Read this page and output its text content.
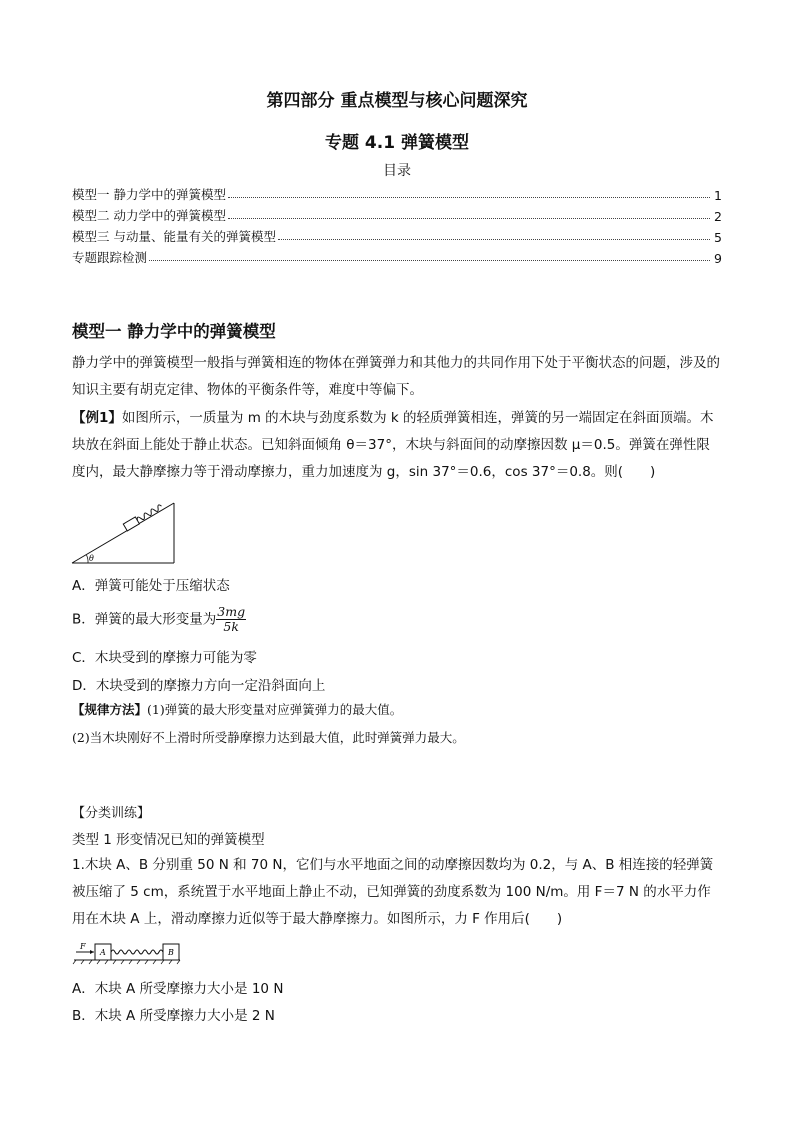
第四部分 重点模型与核心问题深究
专题 4.1 弹簧模型
目录
模型一 静力学中的弹簧模型	1
模型二 动力学中的弹簧模型	2
模型三 与动量、能量有关的弹簧模型	5
专题跟踪检测	9
模型一 静力学中的弹簧模型
静力学中的弹簧模型一般指与弹簧相连的物体在弹簧弹力和其他力的共同作用下处于平衡状态的问题，涉及的知识主要有胡克定律、物体的平衡条件等，难度中等偏下。
【例1】如图所示，一质量为 m 的木块与劲度系数为 k 的轻质弹簧相连，弹簧的另一端固定在斜面顶端。木块放在斜面上能处于静止状态。已知斜面倾角 θ＝37°，木块与斜面间的动摩擦因数 μ＝0.5。弹簧在弹性限度内，最大静摩擦力等于滑动摩擦力，重力加速度为 g，sin 37°＝0.6，cos 37°＝0.8。则(　　)
θ
A．弹簧可能处于压缩状态
B．弹簧的最大形变量为 $\frac{3mg}{5k}$
C．木块受到的摩擦力可能为零
D．木块受到的摩擦力方向一定沿斜面向上
【规律方法】(1)弹簧的最大形变量对应弹簧弹力的最大值。
(2)当木块刚好不上滑时所受静摩擦力达到最大值，此时弹簧弹力最大。
【分类训练】
类型 1 形变情况已知的弹簧模型
1.木块 A、B 分别重 50 N 和 70 N，它们与水平地面之间的动摩擦因数均为 0.2，与 A、B 相连接的轻弹簧被压缩了 5 cm，系统置于水平地面上静止不动，已知弹簧的劲度系数为 100 N/m。用 F＝7 N 的水平力作用在木块 A 上，滑动摩擦力近似等于最大静摩擦力。如图所示，力 F 作用后(　　)
F
A	B
A．木块 A 所受摩擦力大小是 10 N
B．木块 A 所受摩擦力大小是 2 N
